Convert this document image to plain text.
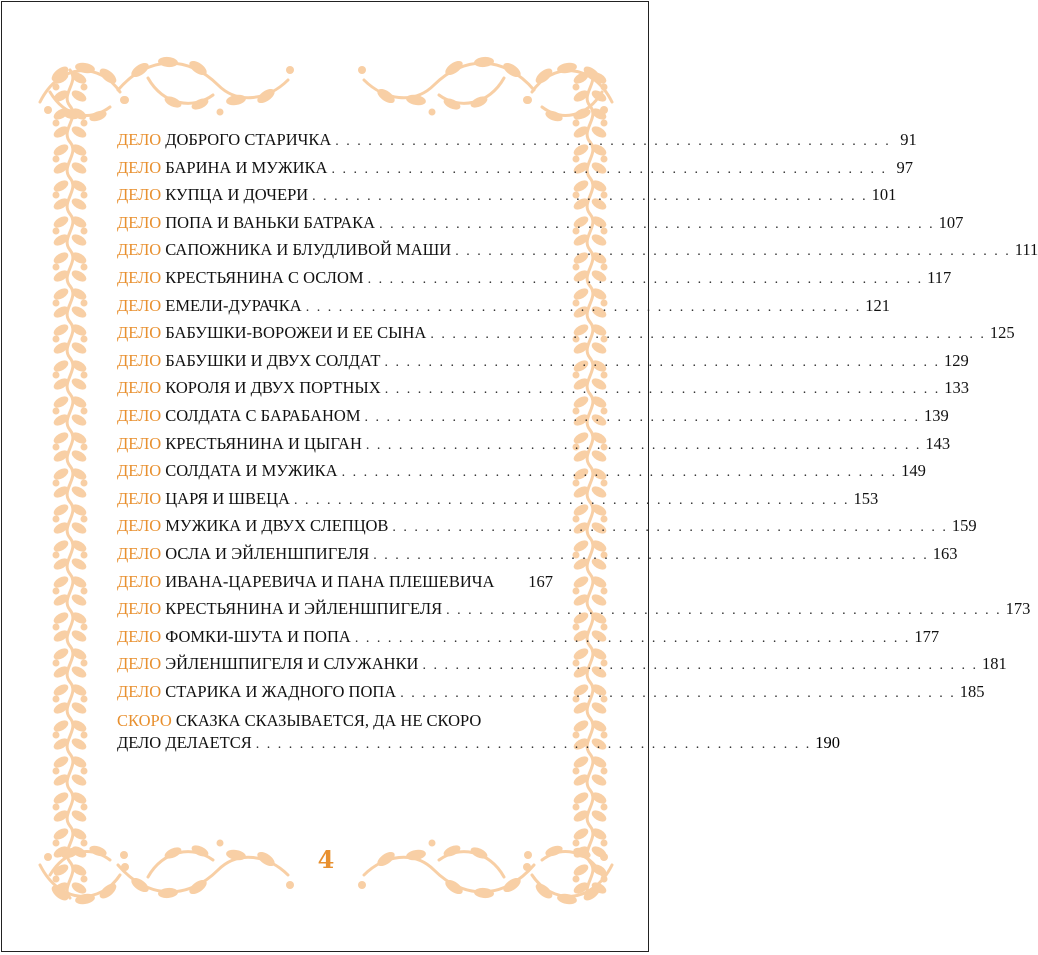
ДЕЛО ДОБРОГО СТАРИЧКА . . . . . . . . . . . . . . . . . . . . . . . . . . . . . . . . . . . . . . . . . . . . . . . . . . . 91
ДЕЛО БАРИНА И МУЖИКА . . . . . . . . . . . . . . . . . . . . . . . . . . . . . . . . . . . . . . . . . . . . . . . . . . . 97
ДЕЛО КУПЦА И ДОЧЕРИ . . . . . . . . . . . . . . . . . . . . . . . . . . . . . . . . . . . . . . . . . . . . . . . . . . . 101
ДЕЛО ПОПА И ВАНЬКИ БАТРАКА . . . . . . . . . . . . . . . . . . . . . . . . . . . . . . . . . . . . . . . . . . . . . . . . . . . 107
ДЕЛО САПОЖНИКА И БЛУДЛИВОЙ МАШИ . . . . . . . . . . . . . . . . . . . . . . . . . . . . . . . . . . . . . . . . . . . . . . . . . . . 111
ДЕЛО КРЕСТЬЯНИНА С ОСЛОМ . . . . . . . . . . . . . . . . . . . . . . . . . . . . . . . . . . . . . . . . . . . . . . . . . . . 117
ДЕЛО ЕМЕЛИ-ДУРАЧКА . . . . . . . . . . . . . . . . . . . . . . . . . . . . . . . . . . . . . . . . . . . . . . . . . . . 121
ДЕЛО БАБУШКИ-ВОРОЖЕИ И ЕЕ СЫНА . . . . . . . . . . . . . . . . . . . . . . . . . . . . . . . . . . . . . . . . . . . . . . . . . . . 125
ДЕЛО БАБУШКИ И ДВУХ СОЛДАТ . . . . . . . . . . . . . . . . . . . . . . . . . . . . . . . . . . . . . . . . . . . . . . . . . . . 129
ДЕЛО КОРОЛЯ И ДВУХ ПОРТНЫХ . . . . . . . . . . . . . . . . . . . . . . . . . . . . . . . . . . . . . . . . . . . . . . . . . . . 133
ДЕЛО СОЛДАТА С БАРАБАНОМ . . . . . . . . . . . . . . . . . . . . . . . . . . . . . . . . . . . . . . . . . . . . . . . . . . . 139
ДЕЛО КРЕСТЬЯНИНА И ЦЫГАН . . . . . . . . . . . . . . . . . . . . . . . . . . . . . . . . . . . . . . . . . . . . . . . . . . . 143
ДЕЛО СОЛДАТА И МУЖИКА . . . . . . . . . . . . . . . . . . . . . . . . . . . . . . . . . . . . . . . . . . . . . . . . . . . 149
ДЕЛО ЦАРЯ И ШВЕЦА . . . . . . . . . . . . . . . . . . . . . . . . . . . . . . . . . . . . . . . . . . . . . . . . . . . 153
ДЕЛО МУЖИКА И ДВУХ СЛЕПЦОВ . . . . . . . . . . . . . . . . . . . . . . . . . . . . . . . . . . . . . . . . . . . . . . . . . . . 159
ДЕЛО ОСЛА И ЭЙЛЕНШПИГЕЛЯ . . . . . . . . . . . . . . . . . . . . . . . . . . . . . . . . . . . . . . . . . . . . . . . . . . . 163
ДЕЛО ИВАНА-ЦАРЕВИЧА И ПАНА ПЛЕШЕВИЧА 167
ДЕЛО КРЕСТЬЯНИНА И ЭЙЛЕНШПИГЕЛЯ . . . . . . . . . . . . . . . . . . . . . . . . . . . . . . . . . . . . . . . . . . . . . . . . . . . 173
ДЕЛО ФОМКИ-ШУТА И ПОПА . . . . . . . . . . . . . . . . . . . . . . . . . . . . . . . . . . . . . . . . . . . . . . . . . . . 177
ДЕЛО ЭЙЛЕНШПИГЕЛЯ И СЛУЖАНКИ . . . . . . . . . . . . . . . . . . . . . . . . . . . . . . . . . . . . . . . . . . . . . . . . . . . 181
ДЕЛО СТАРИКА И ЖАДНОГО ПОПА . . . . . . . . . . . . . . . . . . . . . . . . . . . . . . . . . . . . . . . . . . . . . . . . . . . 185
СКОРО СКАЗКА СКАЗЫВАЕТСЯ, ДА НЕ СКОРО
ДЕЛО ДЕЛАЕТСЯ . . . . . . . . . . . . . . . . . . . . . . . . . . . . . . . . . . . . . . . . . . . . . . . . . . . 190
4
